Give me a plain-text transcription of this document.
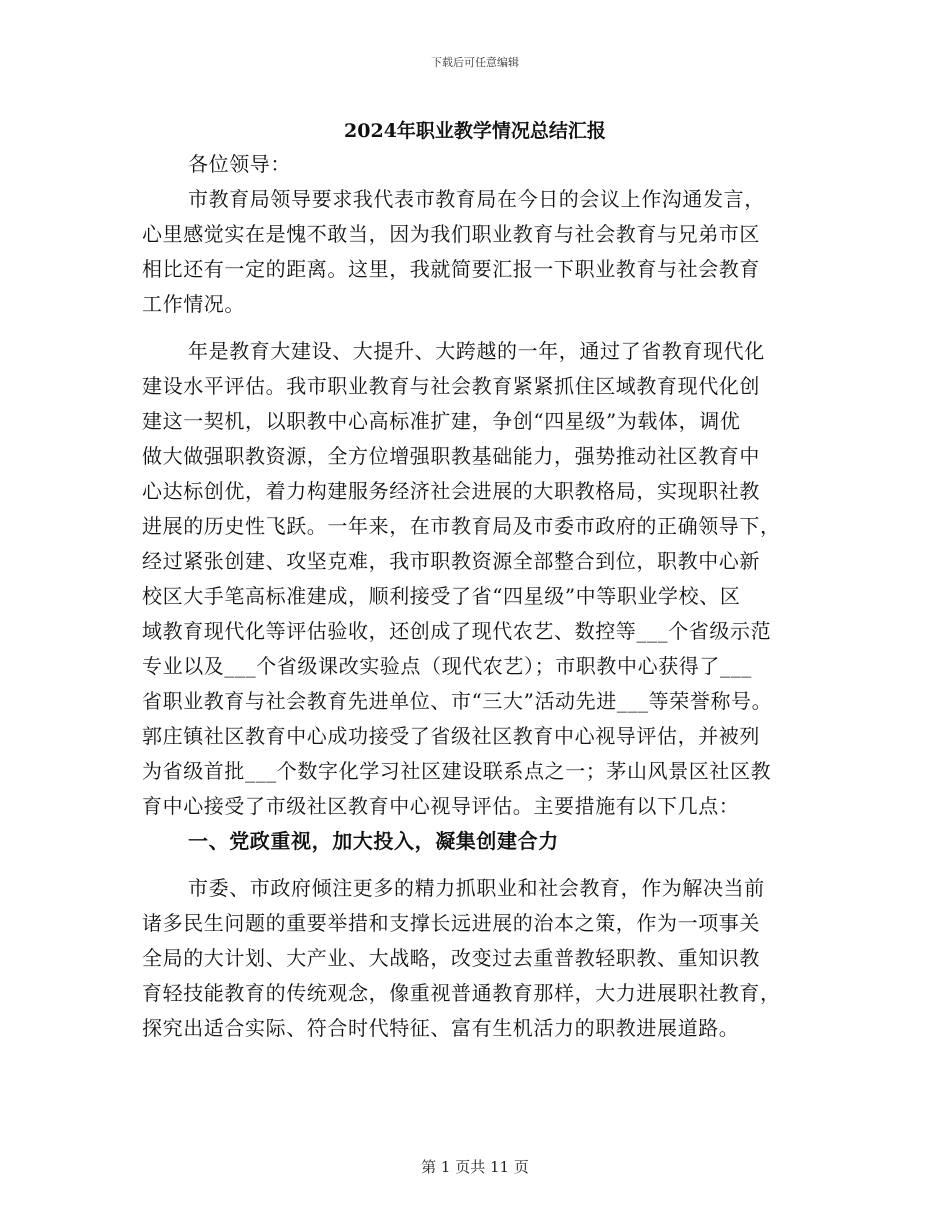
下载后可任意编辑
2024年职业教学情况总结汇报
各位领导：
市教育局领导要求我代表市教育局在今日的会议上作沟通发言，
心里感觉实在是愧不敢当，因为我们职业教育与社会教育与兄弟市区
相比还有一定的距离。这里，我就简要汇报一下职业教育与社会教育
工作情况。
年是教育大建设、大提升、大跨越的一年，通过了省教育现代化
建设水平评估。我市职业教育与社会教育紧紧抓住区域教育现代化创
建这一契机，以职教中心高标准扩建，争创“四星级”为载体，调优
做大做强职教资源，全方位增强职教基础能力，强势推动社区教育中
心达标创优，着力构建服务经济社会进展的大职教格局，实现职社教
进展的历史性飞跃。一年来，在市教育局及市委市政府的正确领导下，
经过紧张创建、攻坚克难，我市职教资源全部整合到位，职教中心新
校区大手笔高标准建成，顺利接受了省“四星级”中等职业学校、区
域教育现代化等评估验收，还创成了现代农艺、数控等___个省级示范
专业以及___个省级课改实验点（现代农艺）；市职教中心获得了___
省职业教育与社会教育先进单位、市“三大”活动先进___等荣誉称号。
郭庄镇社区教育中心成功接受了省级社区教育中心视导评估，并被列
为省级首批___个数字化学习社区建设联系点之一；茅山风景区社区教
育中心接受了市级社区教育中心视导评估。主要措施有以下几点：
一、党政重视，加大投入，凝集创建合力
市委、市政府倾注更多的精力抓职业和社会教育，作为解决当前
诸多民生问题的重要举措和支撑长远进展的治本之策，作为一项事关
全局的大计划、大产业、大战略，改变过去重普教轻职教、重知识教
育轻技能教育的传统观念，像重视普通教育那样，大力进展职社教育，
探究出适合实际、符合时代特征、富有生机活力的职教进展道路。
第 1 页共 11 页
